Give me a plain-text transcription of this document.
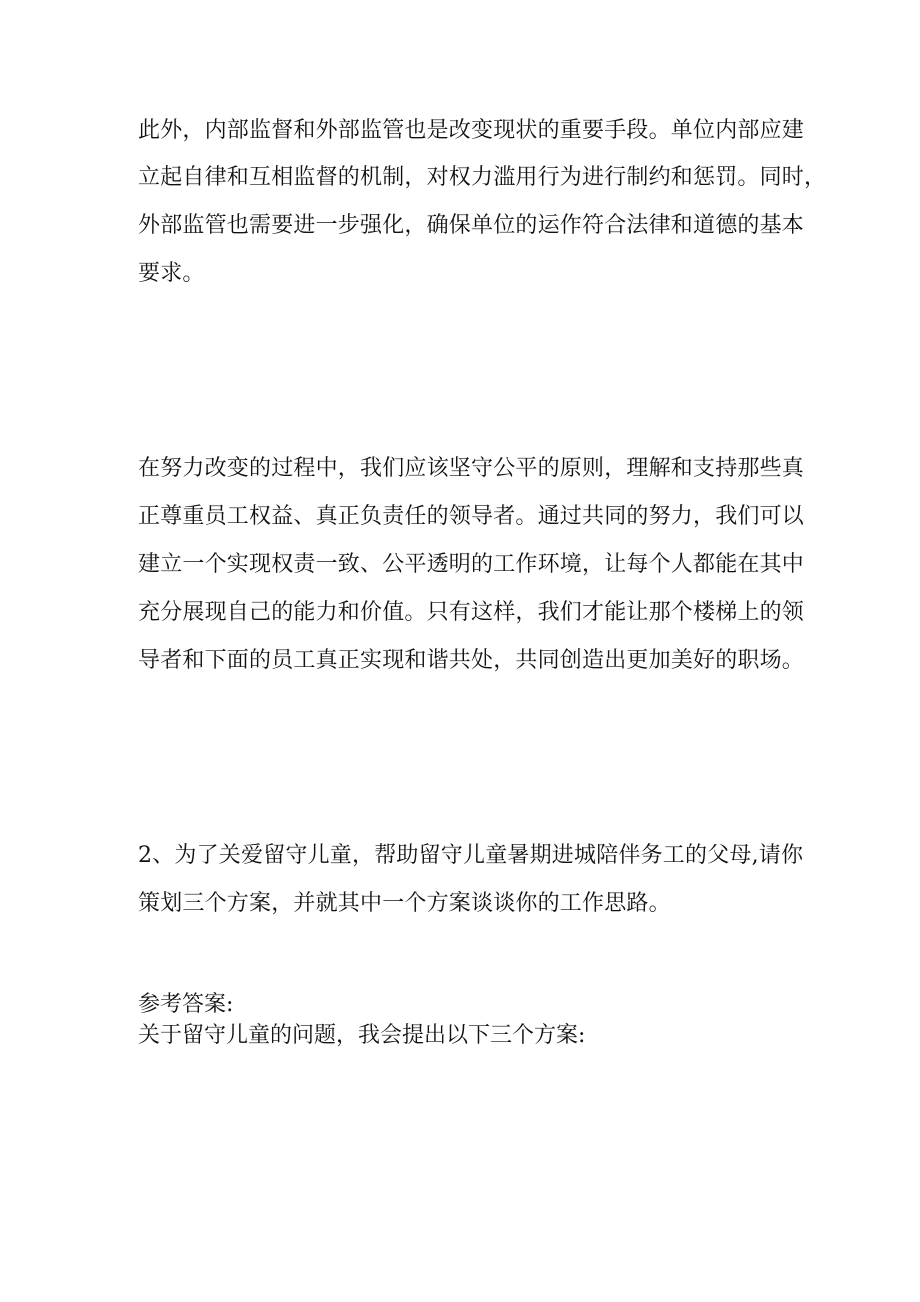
此外，内部监督和外部监管也是改变现状的重要手段。单位内部应建
立起自律和互相监督的机制，对权力滥用行为进行制约和惩罚。同时，
外部监管也需要进一步强化，确保单位的运作符合法律和道德的基本
要求。
在努力改变的过程中，我们应该坚守公平的原则，理解和支持那些真
正尊重员工权益、真正负责任的领导者。通过共同的努力，我们可以
建立一个实现权责一致、公平透明的工作环境，让每个人都能在其中
充分展现自己的能力和价值。只有这样，我们才能让那个楼梯上的领
导者和下面的员工真正实现和谐共处，共同创造出更加美好的职场。
2、为了关爱留守儿童，帮助留守儿童暑期进城陪伴务工的父母,请你
策划三个方案，并就其中一个方案谈谈你的工作思路。
参考答案:
关于留守儿童的问题，我会提出以下三个方案:
